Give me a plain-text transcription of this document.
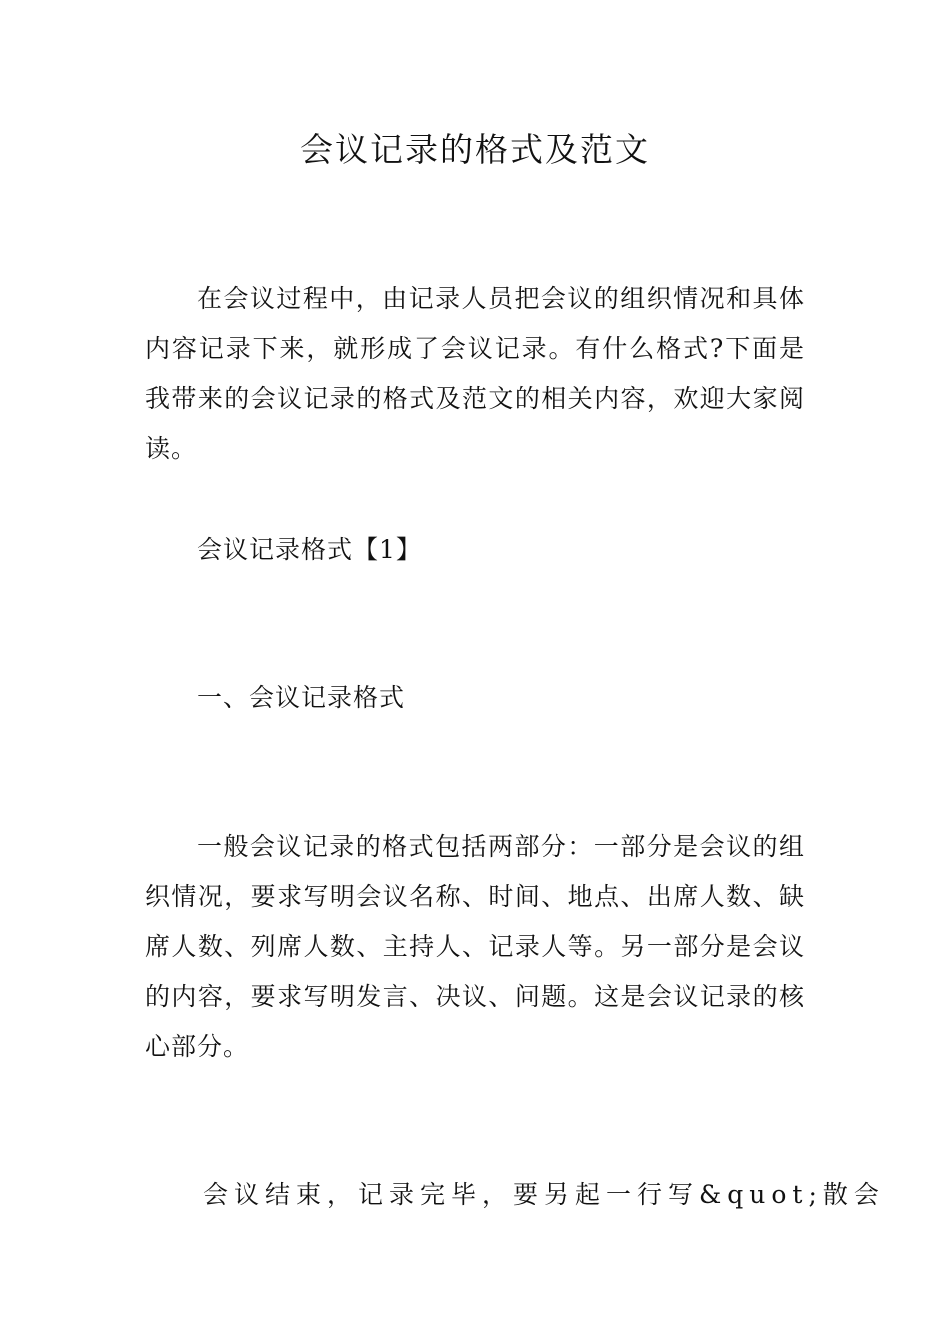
会议记录的格式及范文

在会议过程中，由记录人员把会议的组织情况和具体内容记录下来，就形成了会议记录。有什么格式?下面是我带来的会议记录的格式及范文的相关内容，欢迎大家阅读。

会议记录格式【1】

一、会议记录格式

一般会议记录的格式包括两部分：一部分是会议的组织情况，要求写明会议名称、时间、地点、出席人数、缺席人数、列席人数、主持人、记录人等。另一部分是会议的内容，要求写明发言、决议、问题。这是会议记录的核心部分。

会议结束，记录完毕，要另起一行写&quot;散会
